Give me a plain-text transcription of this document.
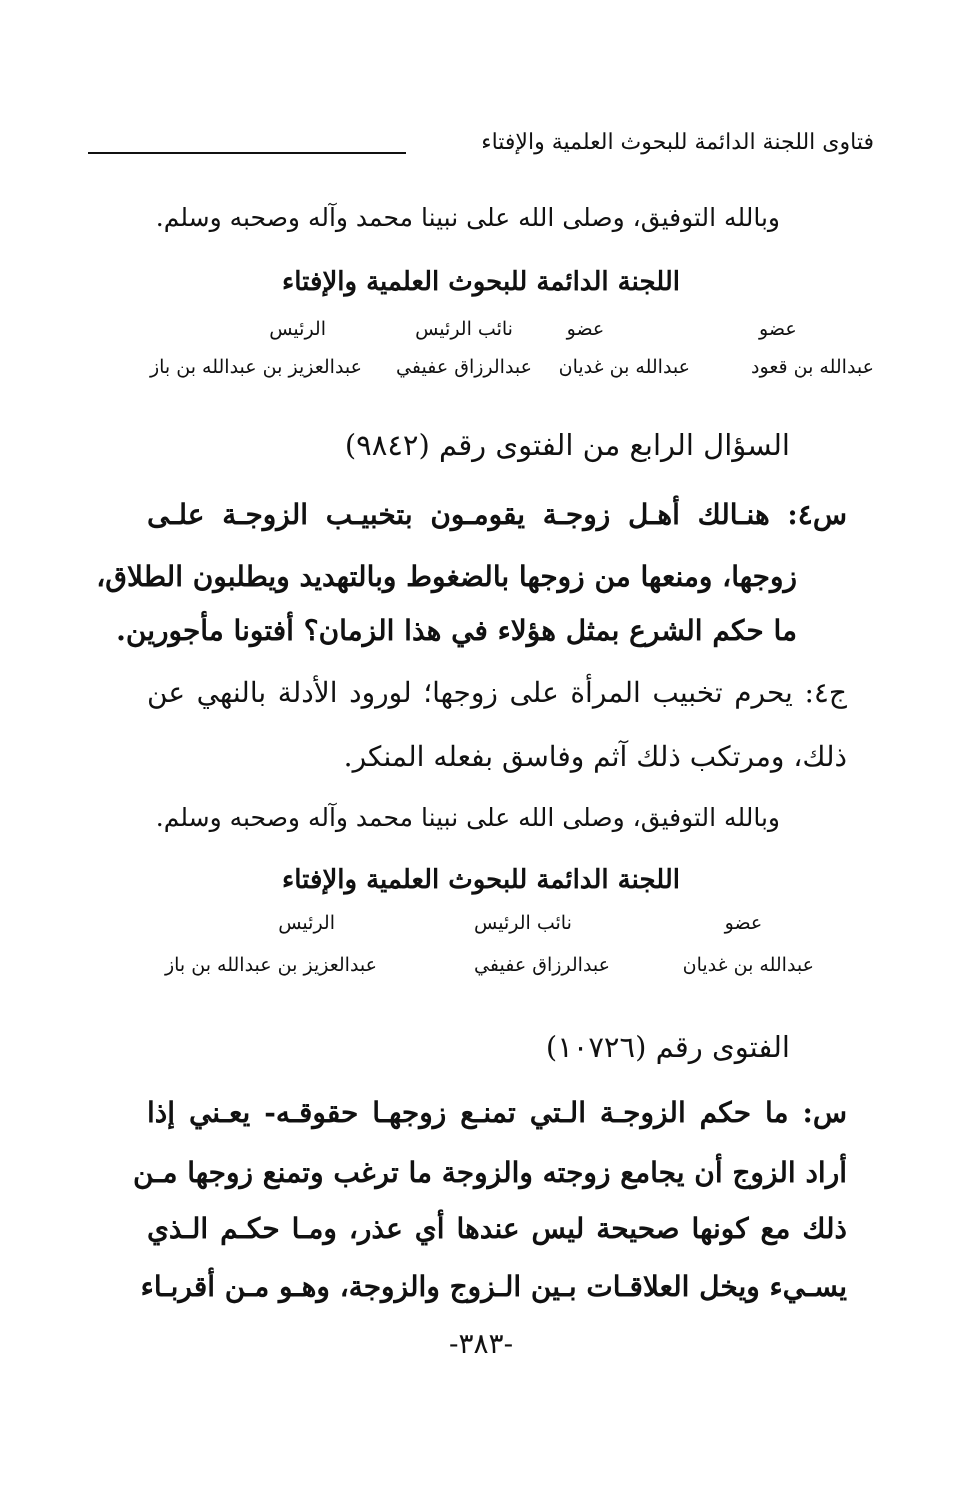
فتاوى اللجنة الدائمة للبحوث العلمية والإفتاء
وبالله التوفيق، وصلى الله على نبينا محمد وآله وصحبه وسلم.
اللجنة الدائمة للبحوث العلمية والإفتاء
عضو
عبدالله بن قعود
عضو
عبدالله بن غديان
نائب الرئيس
عبدالرزاق عفيفي
الرئيس
عبدالعزيز بن عبدالله بن باز
السؤال الرابع من الفتوى رقم (٩٨٤٢)
س٤: هنـالك أهـل زوجـة يقومـون بتخبيـب الزوجـة علـى
زوجها، ومنعها من زوجها بالضغوط وبالتهديد ويطلبون الطلاق،
ما حكم الشرع بمثل هؤلاء في هذا الزمان؟ أفتونا مأجورين.
ج٤: يحرم تخبيب المرأة على زوجها؛ لورود الأدلة بالنهي عن
ذلك، ومرتكب ذلك آثم وفاسق بفعله المنكر.
وبالله التوفيق، وصلى الله على نبينا محمد وآله وصحبه وسلم.
اللجنة الدائمة للبحوث العلمية والإفتاء
عضو
عبدالله بن غديان
نائب الرئيس
عبدالرزاق عفيفي
الرئيس
عبدالعزيز بن عبدالله بن باز
الفتوى رقم (١٠٧٢٦)
س: ما حكم الزوجـة الـتي تمنـع زوجهـا حقوقـه- يعـني إذا
أراد الزوج أن يجامع زوجته والزوجة ما ترغب وتمنع زوجها مـن
ذلك مع كونها صحيحة ليس عندها أي عذر، ومـا حكـم الـذي
يسـيء ويخل العلاقـات بـين الـزوج والزوجة، وهـو مـن أقربـاء
-٣٨٣-
